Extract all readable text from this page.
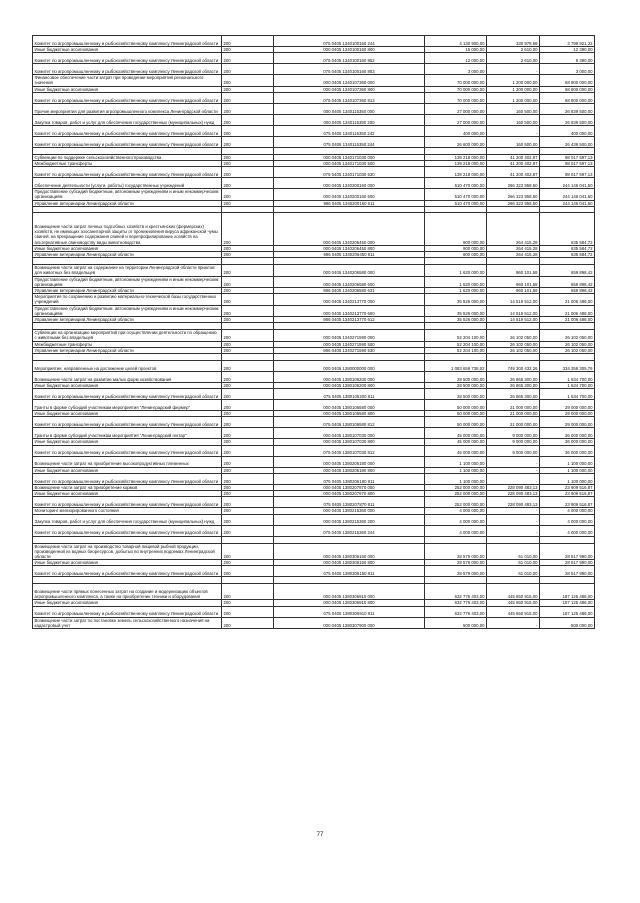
Комитет по агропромышленному и рыбохозяйственному комплексу Ленинградской области	200	075 0405 1340100160 244	4 130 900,00	330 978,68	3 799 921,32
Иные бюджетные ассигнования	200	000 0405 1340100160 800	15 000,00	2 610,00	12 390,00
Комитет по агропромышленному и рыбохозяйственному комплексу Ленинградской области	200	075 0405 1340100160 852	12 000,00	2 610,00	9 390,00
Комитет по агропромышленному и рыбохозяйственному комплексу Ленинградской области	200	075 0405 1340100160 853	3 000,00	-	3 000,00
Финансовое обеспечение части затрат при проведении мероприятий регионального значения	200	000 0405 1340107360 000	70 000 000,00	1 200 000,00	68 800 000,00
Иные бюджетные ассигнования	200	000 0405 1340107360 800	70 000 000,00	1 200 000,00	68 800 000,00
Комитет по агропромышленному и рыбохозяйственному комплексу Ленинградской области	200	075 0405 1340107360 813	70 000 000,00	1 200 000,00	68 800 000,00
Прочие мероприятия для развития агропромышленного комплекса Ленинградской области	200	000 0405 1340115350 000	27 000 000,00	160 500,00	26 839 500,00
Закупка товаров, работ и услуг для обеспечения государственных (муниципальных) нужд	200	000 0405 1340115350 200	27 000 000,00	160 500,00	26 839 500,00
Комитет по агропромышленному и рыбохозяйственному комплексу Ленинградской области	200	075 0405 1340115350 242	400 000,00	-	400 000,00
Комитет по агропромышленному и рыбохозяйственному комплексу Ленинградской области	200	075 0405 1340115350 244	26 600 000,00	160 500,00	26 439 500,00

Субвенции по поддержке сельскохозяйственного производства	200	000 0405 1340171030 000	139 218 000,00	41 200 402,87	98 017 597,13
Межбюджетные трансферты	200	000 0405 1340171030 500	139 218 000,00	41 200 402,87	98 017 597,13
Комитет по агропромышленному и рыбохозяйственному комплексу Ленинградской области	200	075 0405 1340171030 530	139 218 000,00	41 200 402,87	98 017 597,13
Обеспечение деятельности (услуги, работы) государственных учреждений	200	000 0405 1340200160 000	510 470 000,00	266 323 958,50	244 146 041,50
Предоставление субсидий бюджетным, автономным учреждениям и иным некоммерческим организациям	200	000 0405 1340200160 600	510 470 000,00	266 323 958,50	244 146 041,50
Управление ветеринарии Ленинградской области	200	986 0405 1340200160 611	510 470 000,00	266 323 958,50	244 146 041,50

Возмещение части затрат личных подсобных хозяйств и крестьянских (фермерских) хозяйств, не имеющих зоосанитарной защиты от проникновения вируса африканской чумы свиней, на прекращение содержания свиней и перепрофилирование хозяйств на альтернативные свиноводству виды животноводства	200	000 0405 1340206450 000	900 000,00	264 415,28	635 584,72
Иные бюджетные ассигнования	200	000 0405 1340206450 800	900 000,00	264 415,28	635 584,72
Управление ветеринарии Ленинградской области	200	986 0405 1340206450 811	900 000,00	264 415,28	635 584,72

Возмещение части затрат на содержание на территории Ленинградской области приютов для животных без владельцев	200	000 0405 1340206580 000	1 620 000,00	960 101,58	659 898,42
Предоставление субсидий бюджетным, автономным учреждениям и иным некоммерческим организациям	200	000 0405 1340206580 600	1 620 000,00	960 101,58	659 898,42
Управление ветеринарии Ленинградской области	200	986 0405 1340206580 631	1 620 000,00	960 101,58	659 898,42
Мероприятия по сохранению и развитию материально-технической базы государственных учреждений	200	000 0405 1340213770 000	35 526 000,00	14 519 512,00	21 006 488,00
Предоставление субсидий бюджетным, автономным учреждениям и иным некоммерческим организациям	200	000 0405 1340213770 600	35 526 000,00	14 519 512,00	21 006 488,00
Управление ветеринарии Ленинградской области	200	986 0405 1340213770 612	35 526 000,00	14 519 512,00	21 006 488,00

Субвенции на организацию мероприятий при осуществлении деятельности по обращению с животными без владельцев	200	000 0405 1340271590 000	52 204 100,00	26 102 050,00	26 102 050,00
Межбюджетные трансферты	200	000 0405 1340271590 500	52 204 100,00	26 102 050,00	26 102 050,00
Управление ветеринарии Ленинградской области	200	986 0405 1340271590 530	52 204 100,00	26 102 050,00	26 102 050,00

Мероприятия, направленные на достижение целей проектов	200	000 0405 1380000000 000	1 083 659 738,02	749 300 432,26	334 359 305,76
Возмещение части затрат на развитие малых форм хозяйствования	200	000 0405 1380106200 000	28 500 000,00	26 865 300,00	1 634 700,00
Иные бюджетные ассигнования	200	000 0405 1380106200 800	28 500 000,00	26 865 300,00	1 634 700,00
Комитет по агропромышленному и рыбохозяйственному комплексу Ленинградской области	200	075 0405 1380106200 811	28 500 000,00	26 865 300,00	1 634 700,00
Гранты в форме субсидий участникам мероприятия "Ленинградский фермер"	200	000 0405 1380106580 000	50 000 000,00	21 000 000,00	29 000 000,00
Иные бюджетные ассигнования	200	000 0405 1380106580 800	50 000 000,00	21 000 000,00	29 000 000,00
Комитет по агропромышленному и рыбохозяйственному комплексу Ленинградской области	200	075 0405 1380106580 812	50 000 000,00	21 000 000,00	29 000 000,00
Гранты в форме субсидий участникам мероприятия "Ленинградский гектар"	200	000 0405 1380107030 000	45 000 000,00	9 000 000,00	36 000 000,00
Иные бюджетные ассигнования	200	000 0405 1380107030 800	45 000 000,00	9 000 000,00	36 000 000,00
Комитет по агропромышленному и рыбохозяйственному комплексу Ленинградской области	200	075 0405 1380107030 812	45 000 000,00	9 000 000,00	36 000 000,00
Возмещение части затрат на приобретение высокопродуктивных племенных	200	000 0405 1380206180 000	1 100 000,00	-	1 100 000,00
Иные бюджетные ассигнования	200	000 0405 1380206180 800	1 100 000,00	-	1 100 000,00
Комитет по агропромышленному и рыбохозяйственному комплексу Ленинградской области	200	075 0405 1380206180 811	1 100 000,00	-	1 100 000,00
Возмещение части затрат на приобретение кормов	200	000 0405 1380207870 000	252 000 000,00	228 090 483,13	23 909 516,87
Иные бюджетные ассигнования	200	000 0405 1380207870 800	252 000 000,00	228 090 483,13	23 909 516,87
Комитет по агропромышленному и рыбохозяйственному комплексу Ленинградской области	200	075 0405 1380207870 811	252 000 000,00	228 090 483,13	23 909 516,87
Мониторинг мелиорированного состояния	200	000 0405 1380215360 000	4 000 000,00	-	4 000 000,00
Закупка товаров, работ и услуг для обеспечения государственных (муниципальных) нужд	200	000 0405 1380215360 200	4 000 000,00	-	4 000 000,00
Комитет по агропромышленному и рыбохозяйственному комплексу Ленинградской области	200	075 0405 1380215360 244	4 000 000,00	-	4 000 000,00

Возмещение части затрат на производство товарной пищевой рыбной продукции, произведенной из водных биоресурсов, добытых во внутренних водоемах Ленинградской области	200	000 0405 1380306150 000	28 579 000,00	61 010,00	28 517 990,00
Иные бюджетные ассигнования	200	000 0405 1380306150 800	28 579 000,00	61 010,00	28 517 990,00
Комитет по агропромышленному и рыбохозяйственному комплексу Ленинградской области	200	075 0405 1380306150 811	28 579 000,00	61 010,00	28 517 990,00

Возмещение части прямых понесенных затрат на создание и модернизацию объектов агропромышленного комплекса, а также на приобретение техники и оборудования	200	000 0405 1380306910 000	632 776 403,00	445 650 915,00	187 125 488,00
Иные бюджетные ассигнования	200	000 0405 1380306910 800	632 776 403,00	445 650 915,00	187 125 488,00
Комитет по агропромышленному и рыбохозяйственному комплексу Ленинградской области	200	075 0405 1380306910 811	632 776 403,00	445 650 915,00	187 125 488,00
Возмещение части затрат по постановке земель сельскохозяйственного назначения на кадастровый учет	200	000 0405 1380307900 000	500 000,00	-	500 000,00
77
